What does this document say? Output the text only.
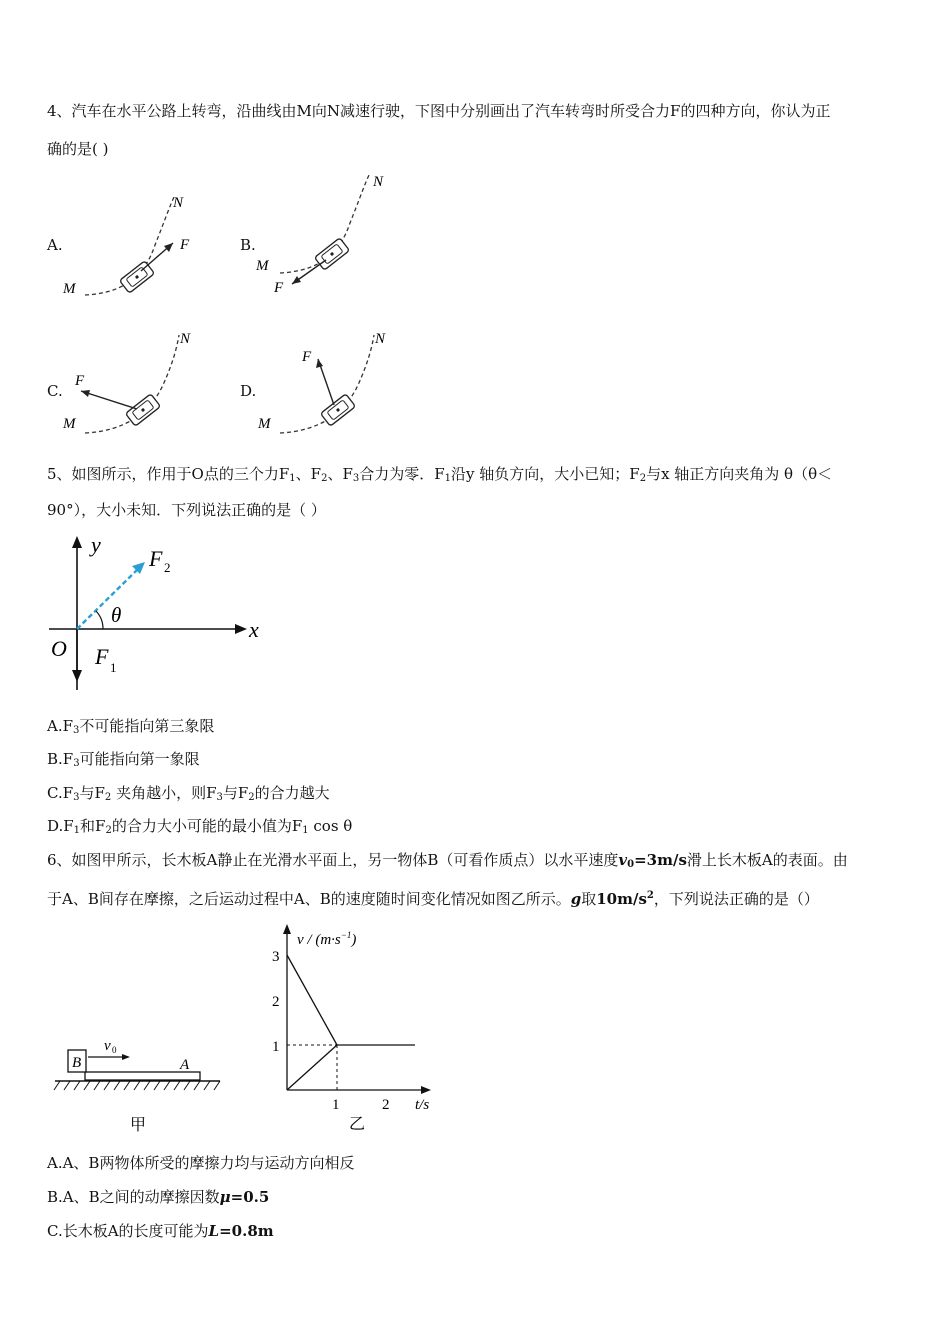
4、汽车在水平公路上转弯，沿曲线由M向N减速行驶，下图中分别画出了汽车转弯时所受合力F的四种方向，你认为正
确的是( )
A.	F
M
N
B.
F
M
N
C.
F
M
N
D.
F
M
N
5、如图所示，作用于O点的三个力$F_1$、$F_2$、$F_3$合力为零．$F_1$沿y 轴负方向，大小已知；$F_2$与x 轴正方向夹角为 θ（θ＜
90°），大小未知．下列说法正确的是（ ）
y
x
O
F 2
F 1
θ
$A.F_3$不可能指向第三象限
$B.F_3$可能指向第一象限
$C.F_3$与$F_2$ 夹角越小，则$F_3$与$F_2$的合力越大
$D.F_1$和$F_2$的合力大小可能的最小值为$F_1$ cos θ
6、如图甲所示，长木板A静止在光滑水平面上，另一物体B（可看作质点）以水平速度$v_0=3m/s$滑上长木板A的表面。由
于A、B间存在摩擦，之后运动过程中A、B的速度随时间变化情况如图乙所示。g取$10m/s^2$，下列说法正确的是（）
B	A
v 0
甲
3
2
1
1	2 t/s
$v / (m\cdot s^{-1})$
乙
A.A、B两物体所受的摩擦力均与运动方向相反
B.A、B之间的动摩擦因数μ=0.5
C.长木板A的长度可能为L=0.8m
